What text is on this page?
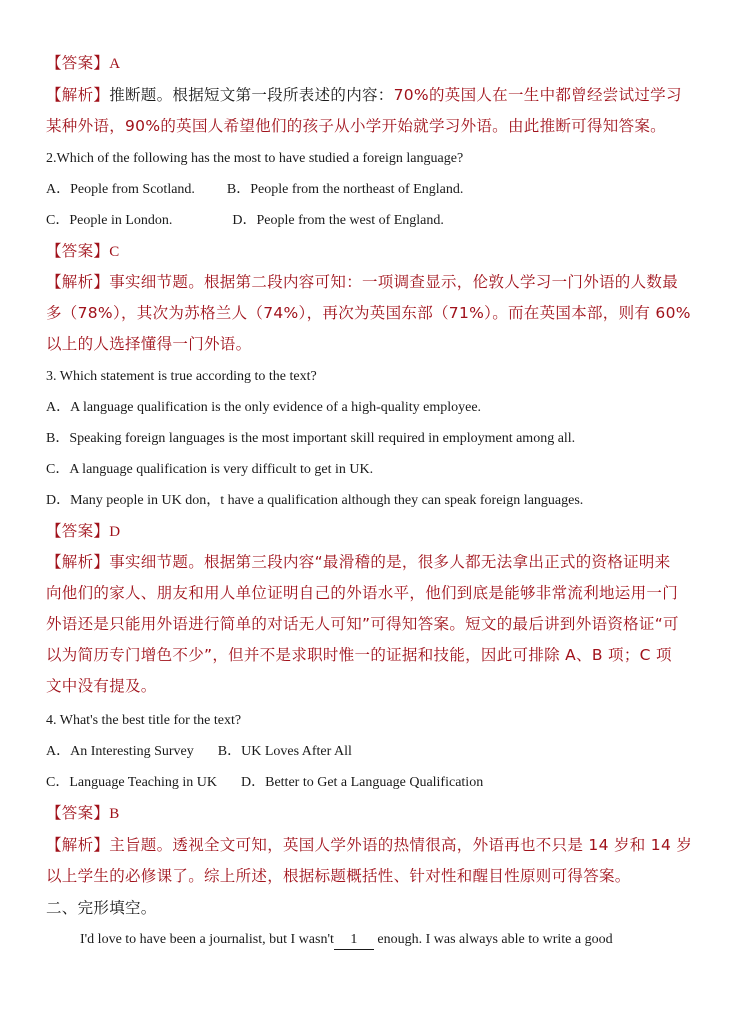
【答案】A
【解析】推断题。根据短文第一段所表述的内容：70%的英国人在一生中都曾经尝试过学习
某种外语，90%的英国人希望他们的孩子从小学开始就学习外语。由此推断可得知答案。
2.Which of the following has the most to have studied a foreign language?
A．People from Scotland. B．People from the northeast of England.
C．People in London.	D．People from the west of England.
【答案】C
【解析】事实细节题。根据第二段内容可知：一项调查显示，伦敦人学习一门外语的人数最
多（78%），其次为苏格兰人（74%），再次为英国东部（71%）。而在英国本部，则有 60%
以上的人选择懂得一门外语。
3. Which statement is true according to the text?
A．A language qualification is the only evidence of a high-quality employee.
B．Speaking foreign languages is the most important skill required in employment among all.
C．A language qualification is very difficult to get in UK.
D．Many people in UK don，t have a qualification although they can speak foreign languages.
【答案】D
【解析】事实细节题。根据第三段内容“最滑稽的是，很多人都无法拿出正式的资格证明来
向他们的家人、朋友和用人单位证明自己的外语水平，他们到底是能够非常流利地运用一门
外语还是只能用外语进行简单的对话无人可知”可得知答案。短文的最后讲到外语资格证“可
以为简历专门增色不少”，但并不是求职时惟一的证据和技能，因此可排除 A、B 项；C 项
文中没有提及。
4. What's the best title for the text?
A．An Interesting Survey B．UK Loves After All
C．Language Teaching in UK D．Better to Get a Language Qualification
【答案】B
【解析】主旨题。透视全文可知，英国人学外语的热情很高，外语再也不只是 14 岁和 14 岁
以上学生的必修课了。综上所述，根据标题概括性、针对性和醒目性原则可得答案。
二、完形填空。
I'd love to have been a journalist, but I wasn't 1 enough. I was always able to write a good
